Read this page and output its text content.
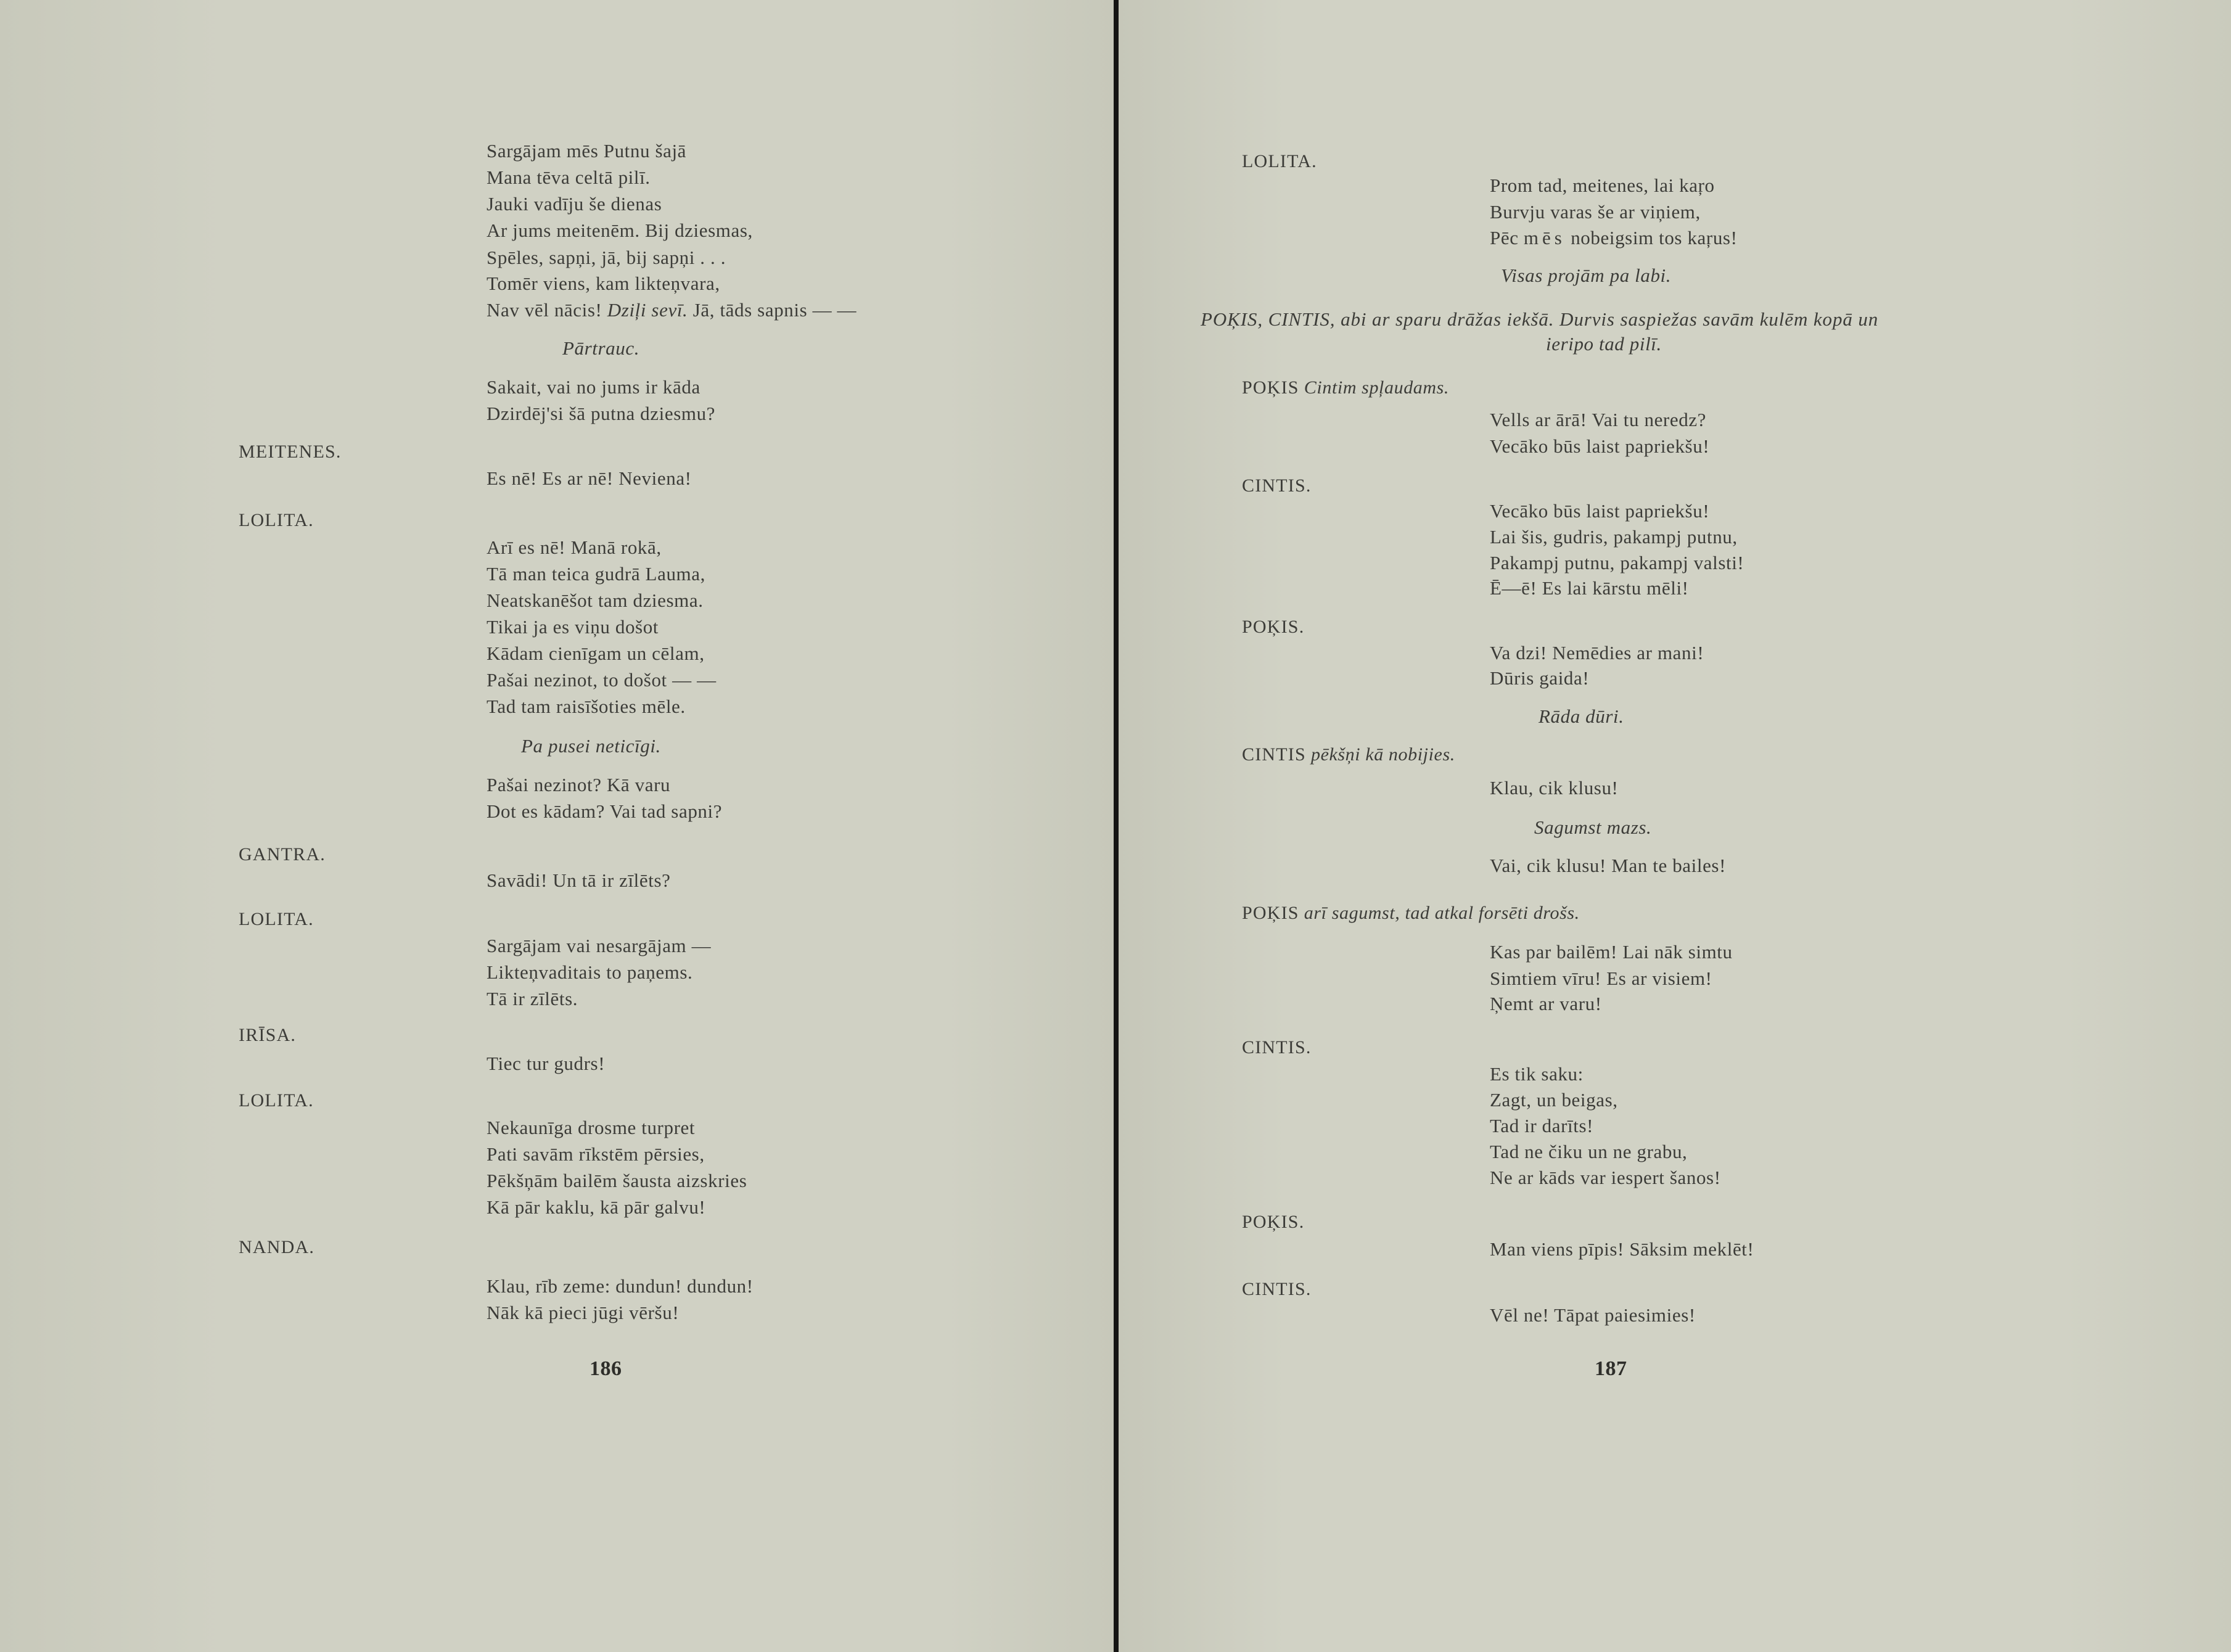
Sargājam mēs Putnu šajā
Mana tēva celtā pilī.
Jauki vadīju še dienas
Ar jums meitenēm. Bij dziesmas,
Spēles, sapņi, jā, bij sapņi . . .
Tomēr viens, kam likteņvara,
Nav vēl nācis! Dziļi sevī. Jā, tāds sapnis — —
Pārtrauc.
Sakait, vai no jums ir kāda
Dzirdēj'si šā putna dziesmu?
MEITENES.
Es nē! Es ar nē! Neviena!
LOLITA.
Arī es nē! Manā rokā,
Tā man teica gudrā Lauma,
Neatskanēšot tam dziesma.
Tikai ja es viņu došot
Kādam cienīgam un cēlam,
Pašai nezinot, to došot — —
Tad tam raisīšoties mēle.
Pa pusei neticīgi.
Pašai nezinot? Kā varu
Dot es kādam? Vai tad sapni?
GANTRA.
Savādi! Un tā ir zīlēts?
LOLITA.
Sargājam vai nesargājam —
Likteņvaditais to paņems.
Tā ir zīlēts.
IRĪSA.
Tiec tur gudrs!
LOLITA.
Nekaunīga drosme turpret
Pati savām rīkstēm pērsies,
Pēkšņām bailēm šausta aizskries
Kā pār kaklu, kā pār galvu!
NANDA.
Klau, rīb zeme: dundun! dundun!
Nāk kā pieci jūgi vēršu!
186
LOLITA.
Prom tad, meitenes, lai kaŗo
Burvju varas še ar viņiem,
Pēc mēs nobeigsim tos kaŗus!
Visas projām pa labi.
POĶIS, CINTIS, abi ar sparu drāžas iekšā. Durvis saspiežas savām kulēm kopā un
ieripo tad pilī.
POĶIS Cintim spļaudams.
Vells ar ārā! Vai tu neredz?
Vecāko būs laist papriekšu!
CINTIS.
Vecāko būs laist papriekšu!
Lai šis, gudris, pakampj putnu,
Pakampj putnu, pakampj valsti!
Ē—ē! Es lai kārstu mēli!
POĶIS.
Va dzi! Nemēdies ar mani!
Dūris gaida!
Rāda dūri.
CINTIS pēkšņi kā nobijies.
Klau, cik klusu!
Sagumst mazs.
Vai, cik klusu! Man te bailes!
POĶIS arī sagumst, tad atkal forsēti drošs.
Kas par bailēm! Lai nāk simtu
Simtiem vīru! Es ar visiem!
Ņemt ar varu!
CINTIS.
Es tik saku:
Zagt, un beigas,
Tad ir darīts!
Tad ne čiku un ne grabu,
Ne ar kāds var iespert šanos!
POĶIS.
Man viens pīpis! Sāksim meklēt!
CINTIS.
Vēl ne! Tāpat paiesimies!
187
